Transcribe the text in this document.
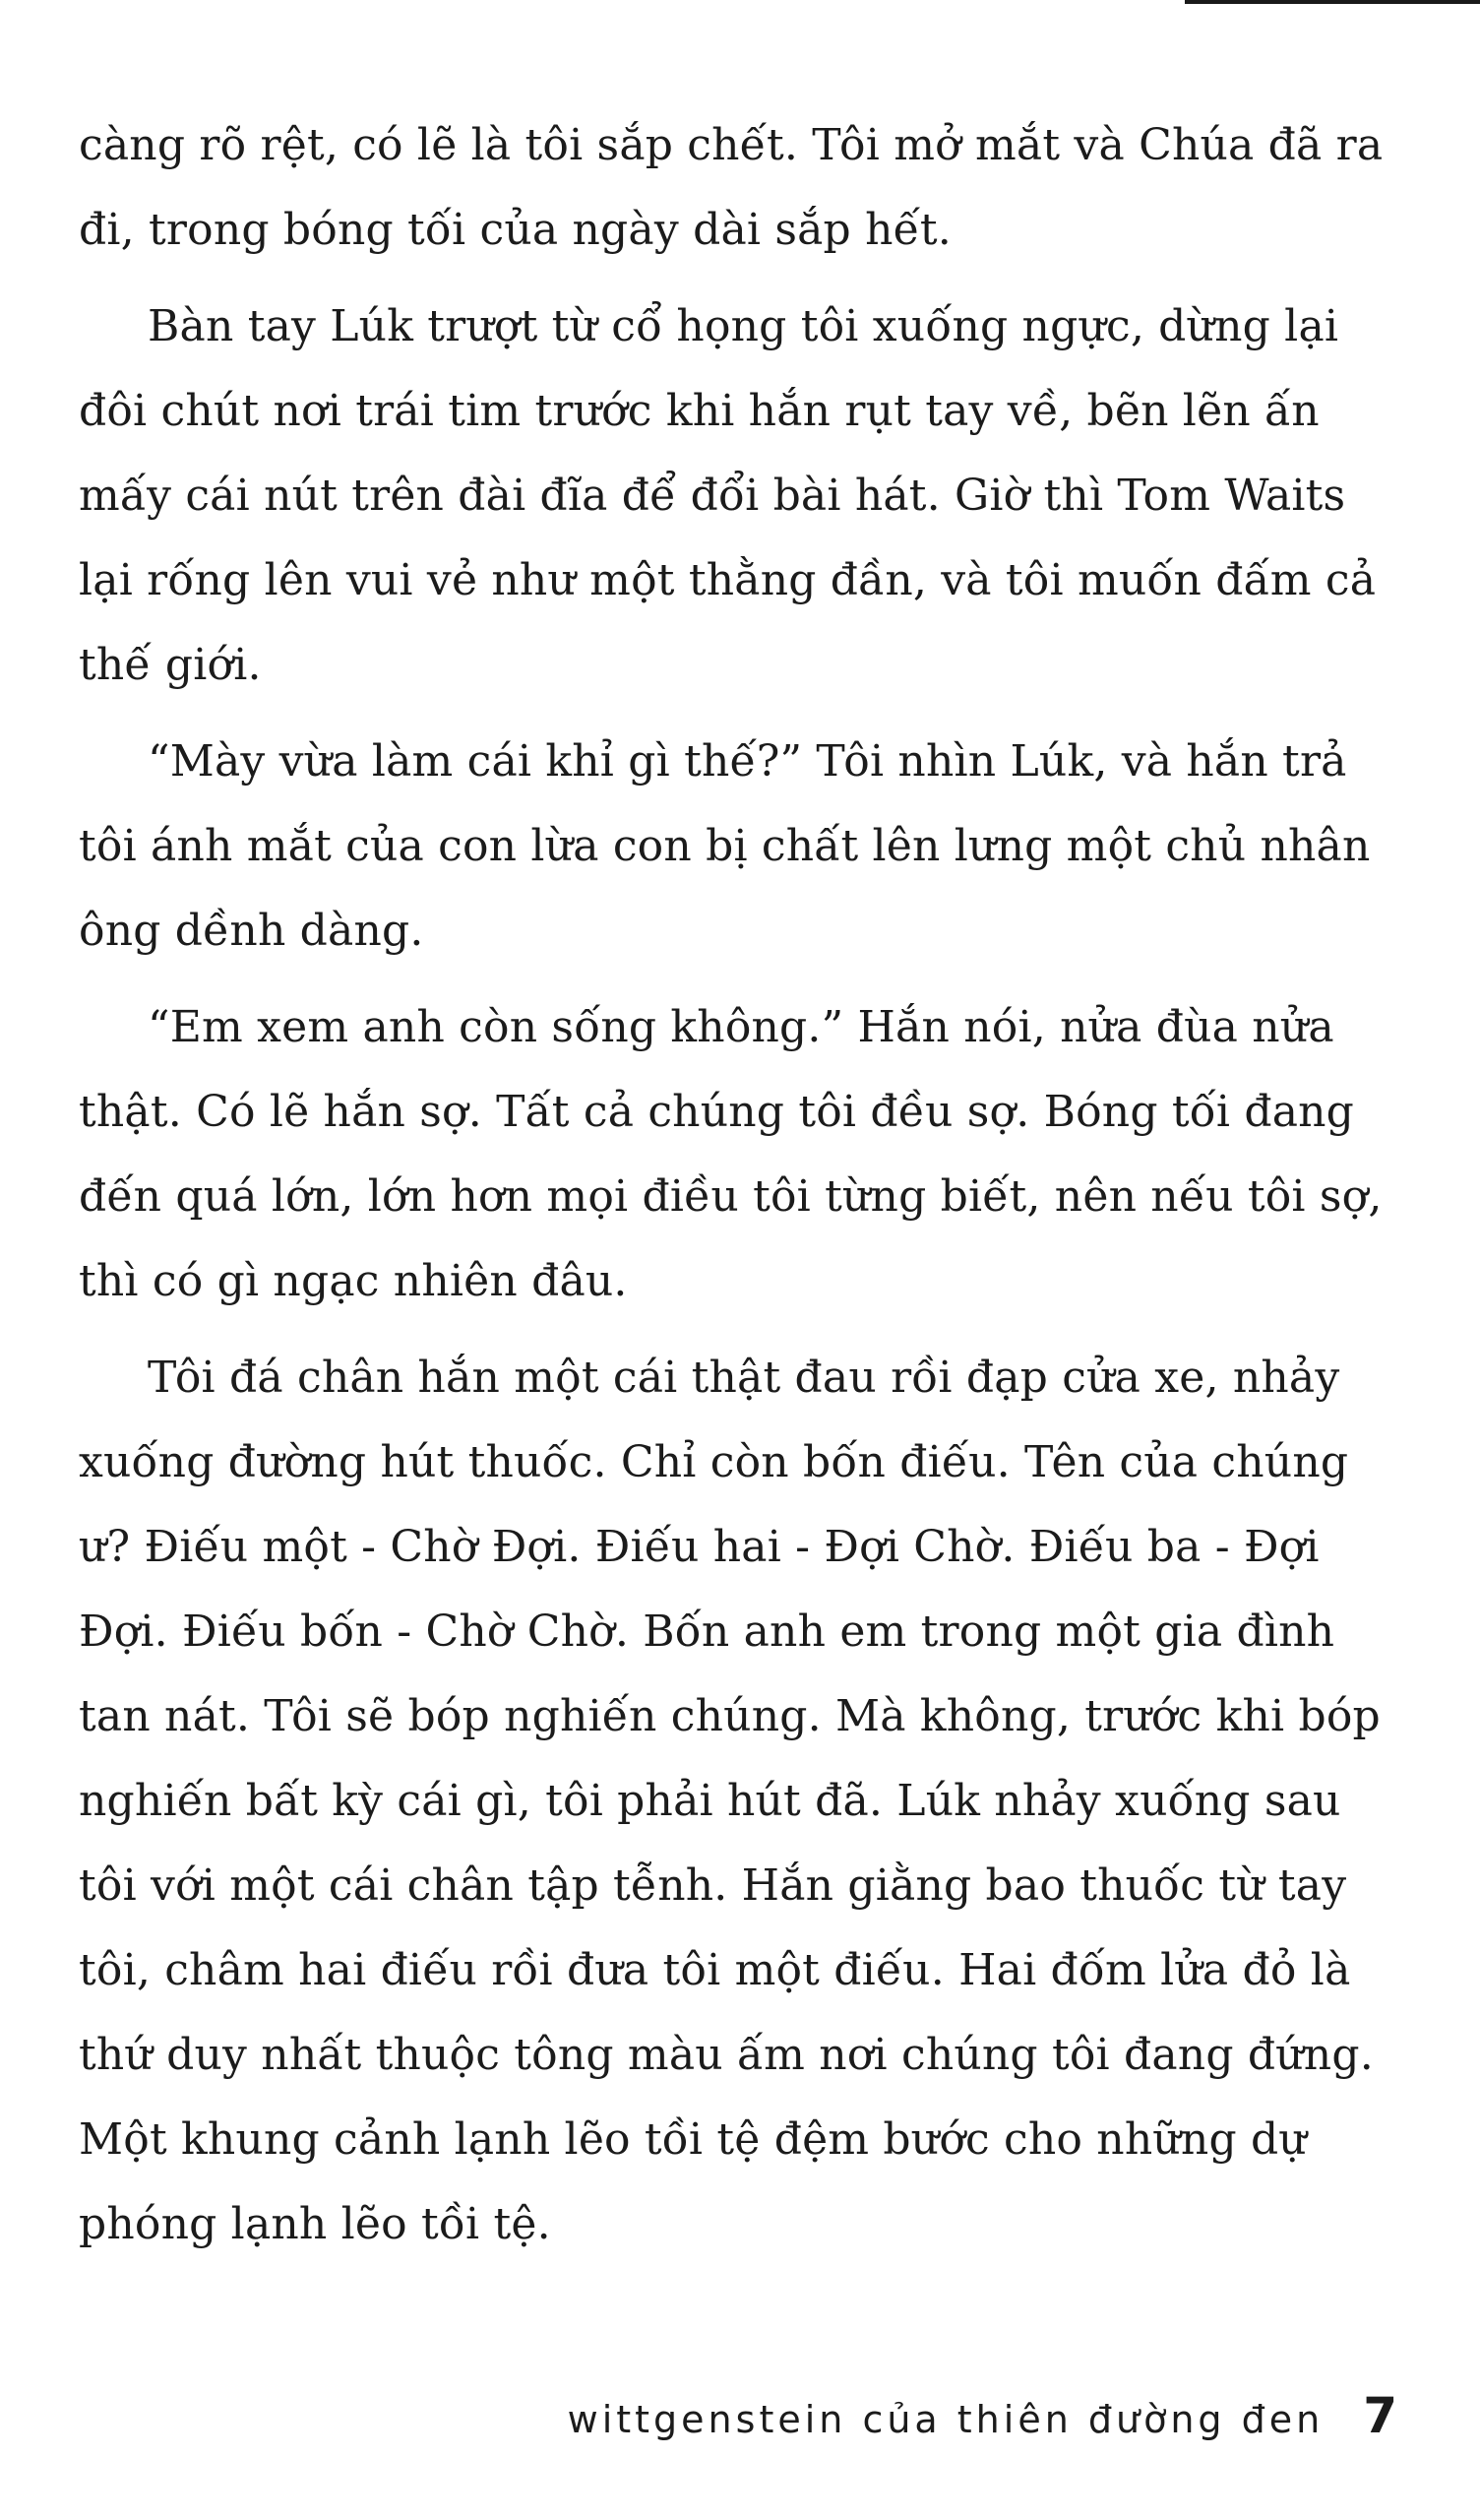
càng rõ rệt, có lẽ là tôi sắp chết. Tôi mở mắt và Chúa đã ra đi, trong bóng tối của ngày dài sắp hết.

Bàn tay Lúk trượt từ cổ họng tôi xuống ngực, dừng lại đôi chút nơi trái tim trước khi hắn rụt tay về, bẽn lẽn ấn mấy cái nút trên đài đĩa để đổi bài hát. Giờ thì Tom Waits lại rống lên vui vẻ như một thằng đần, và tôi muốn đấm cả thế giới.

“Mày vừa làm cái khỉ gì thế?” Tôi nhìn Lúk, và hắn trả tôi ánh mắt của con lừa con bị chất lên lưng một chủ nhân ông dềnh dàng.

“Em xem anh còn sống không.” Hắn nói, nửa đùa nửa thật. Có lẽ hắn sợ. Tất cả chúng tôi đều sợ. Bóng tối đang đến quá lớn, lớn hơn mọi điều tôi từng biết, nên nếu tôi sợ, thì có gì ngạc nhiên đâu.

Tôi đá chân hắn một cái thật đau rồi đạp cửa xe, nhảy xuống đường hút thuốc. Chỉ còn bốn điếu. Tên của chúng ư? Điếu một - Chờ Đợi. Điếu hai - Đợi Chờ. Điếu ba - Đợi Đợi. Điếu bốn - Chờ Chờ. Bốn anh em trong một gia đình tan nát. Tôi sẽ bóp nghiến chúng. Mà không, trước khi bóp nghiến bất kỳ cái gì, tôi phải hút đã. Lúk nhảy xuống sau tôi với một cái chân tập tễnh. Hắn giằng bao thuốc từ tay tôi, châm hai điếu rồi đưa tôi một điếu. Hai đốm lửa đỏ là thứ duy nhất thuộc tông màu ấm nơi chúng tôi đang đứng. Một khung cảnh lạnh lẽo tồi tệ đệm bước cho những dự phóng lạnh lẽo tồi tệ.

wittgenstein của thiên đường đen 7
